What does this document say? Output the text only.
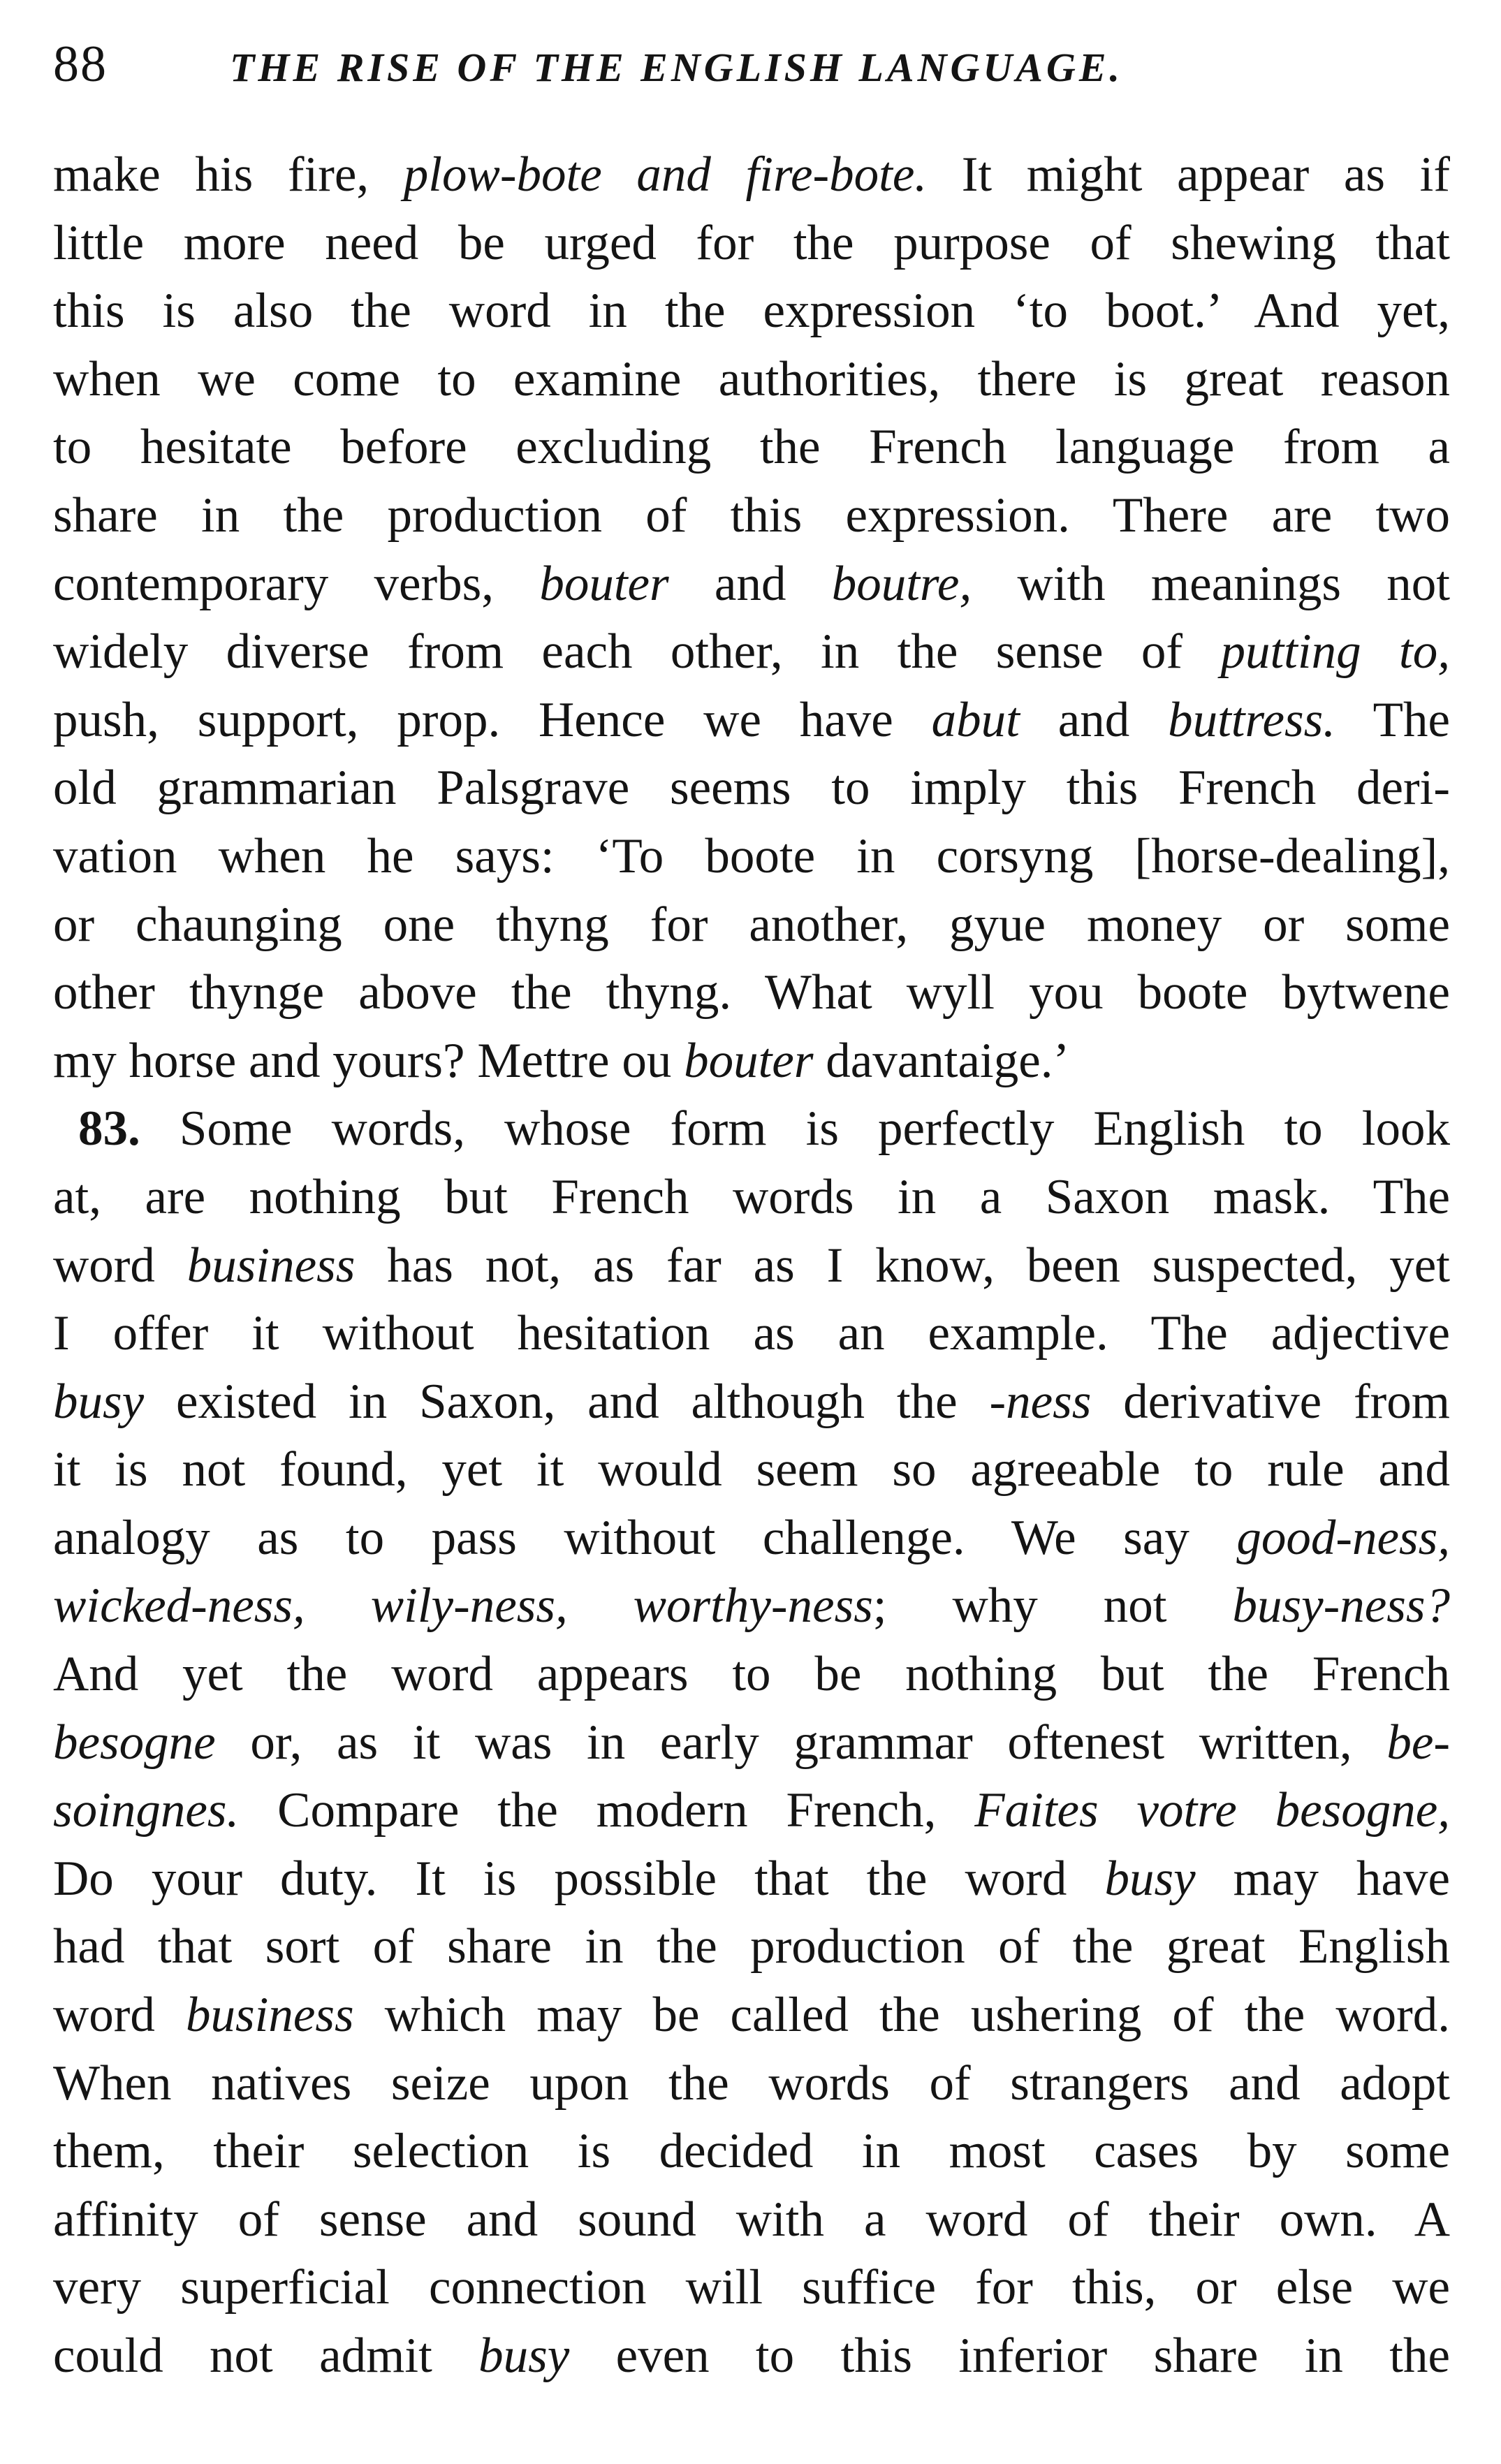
88	THE RISE OF THE ENGLISH LANGUAGE.
make his fire, plow-bote and fire-bote. It might appear as if
little more need be urged for the purpose of shewing that
this is also the word in the expression ‘to boot.’ And yet,
when we come to examine authorities, there is great reason
to hesitate before excluding the French language from a
share in the production of this expression. There are two
contemporary verbs, bouter and boutre, with meanings not
widely diverse from each other, in the sense of putting to,
push, support, prop. Hence we have abut and buttress. The
old grammarian Palsgrave seems to imply this French deri-
vation when he says: ‘To boote in corsyng [horse-dealing],
or chaunging one thyng for another, gyue money or some
other thynge above the thyng. What wyll you boote bytwene
my horse and yours? Mettre ou bouter davantaige.’
83. Some words, whose form is perfectly English to look
at, are nothing but French words in a Saxon mask. The
word business has not, as far as I know, been suspected, yet
I offer it without hesitation as an example. The adjective
busy existed in Saxon, and although the -ness derivative from
it is not found, yet it would seem so agreeable to rule and
analogy as to pass without challenge. We say good-ness,
wicked-ness, wily-ness, worthy-ness; why not busy-ness?
And yet the word appears to be nothing but the French
besogne or, as it was in early grammar oftenest written, be-
soingnes. Compare the modern French, Faites votre besogne,
Do your duty. It is possible that the word busy may have
had that sort of share in the production of the great English
word business which may be called the ushering of the word.
When natives seize upon the words of strangers and adopt
them, their selection is decided in most cases by some
affinity of sense and sound with a word of their own. A
very superficial connection will suffice for this, or else we
could not admit busy even to this inferior share in the
